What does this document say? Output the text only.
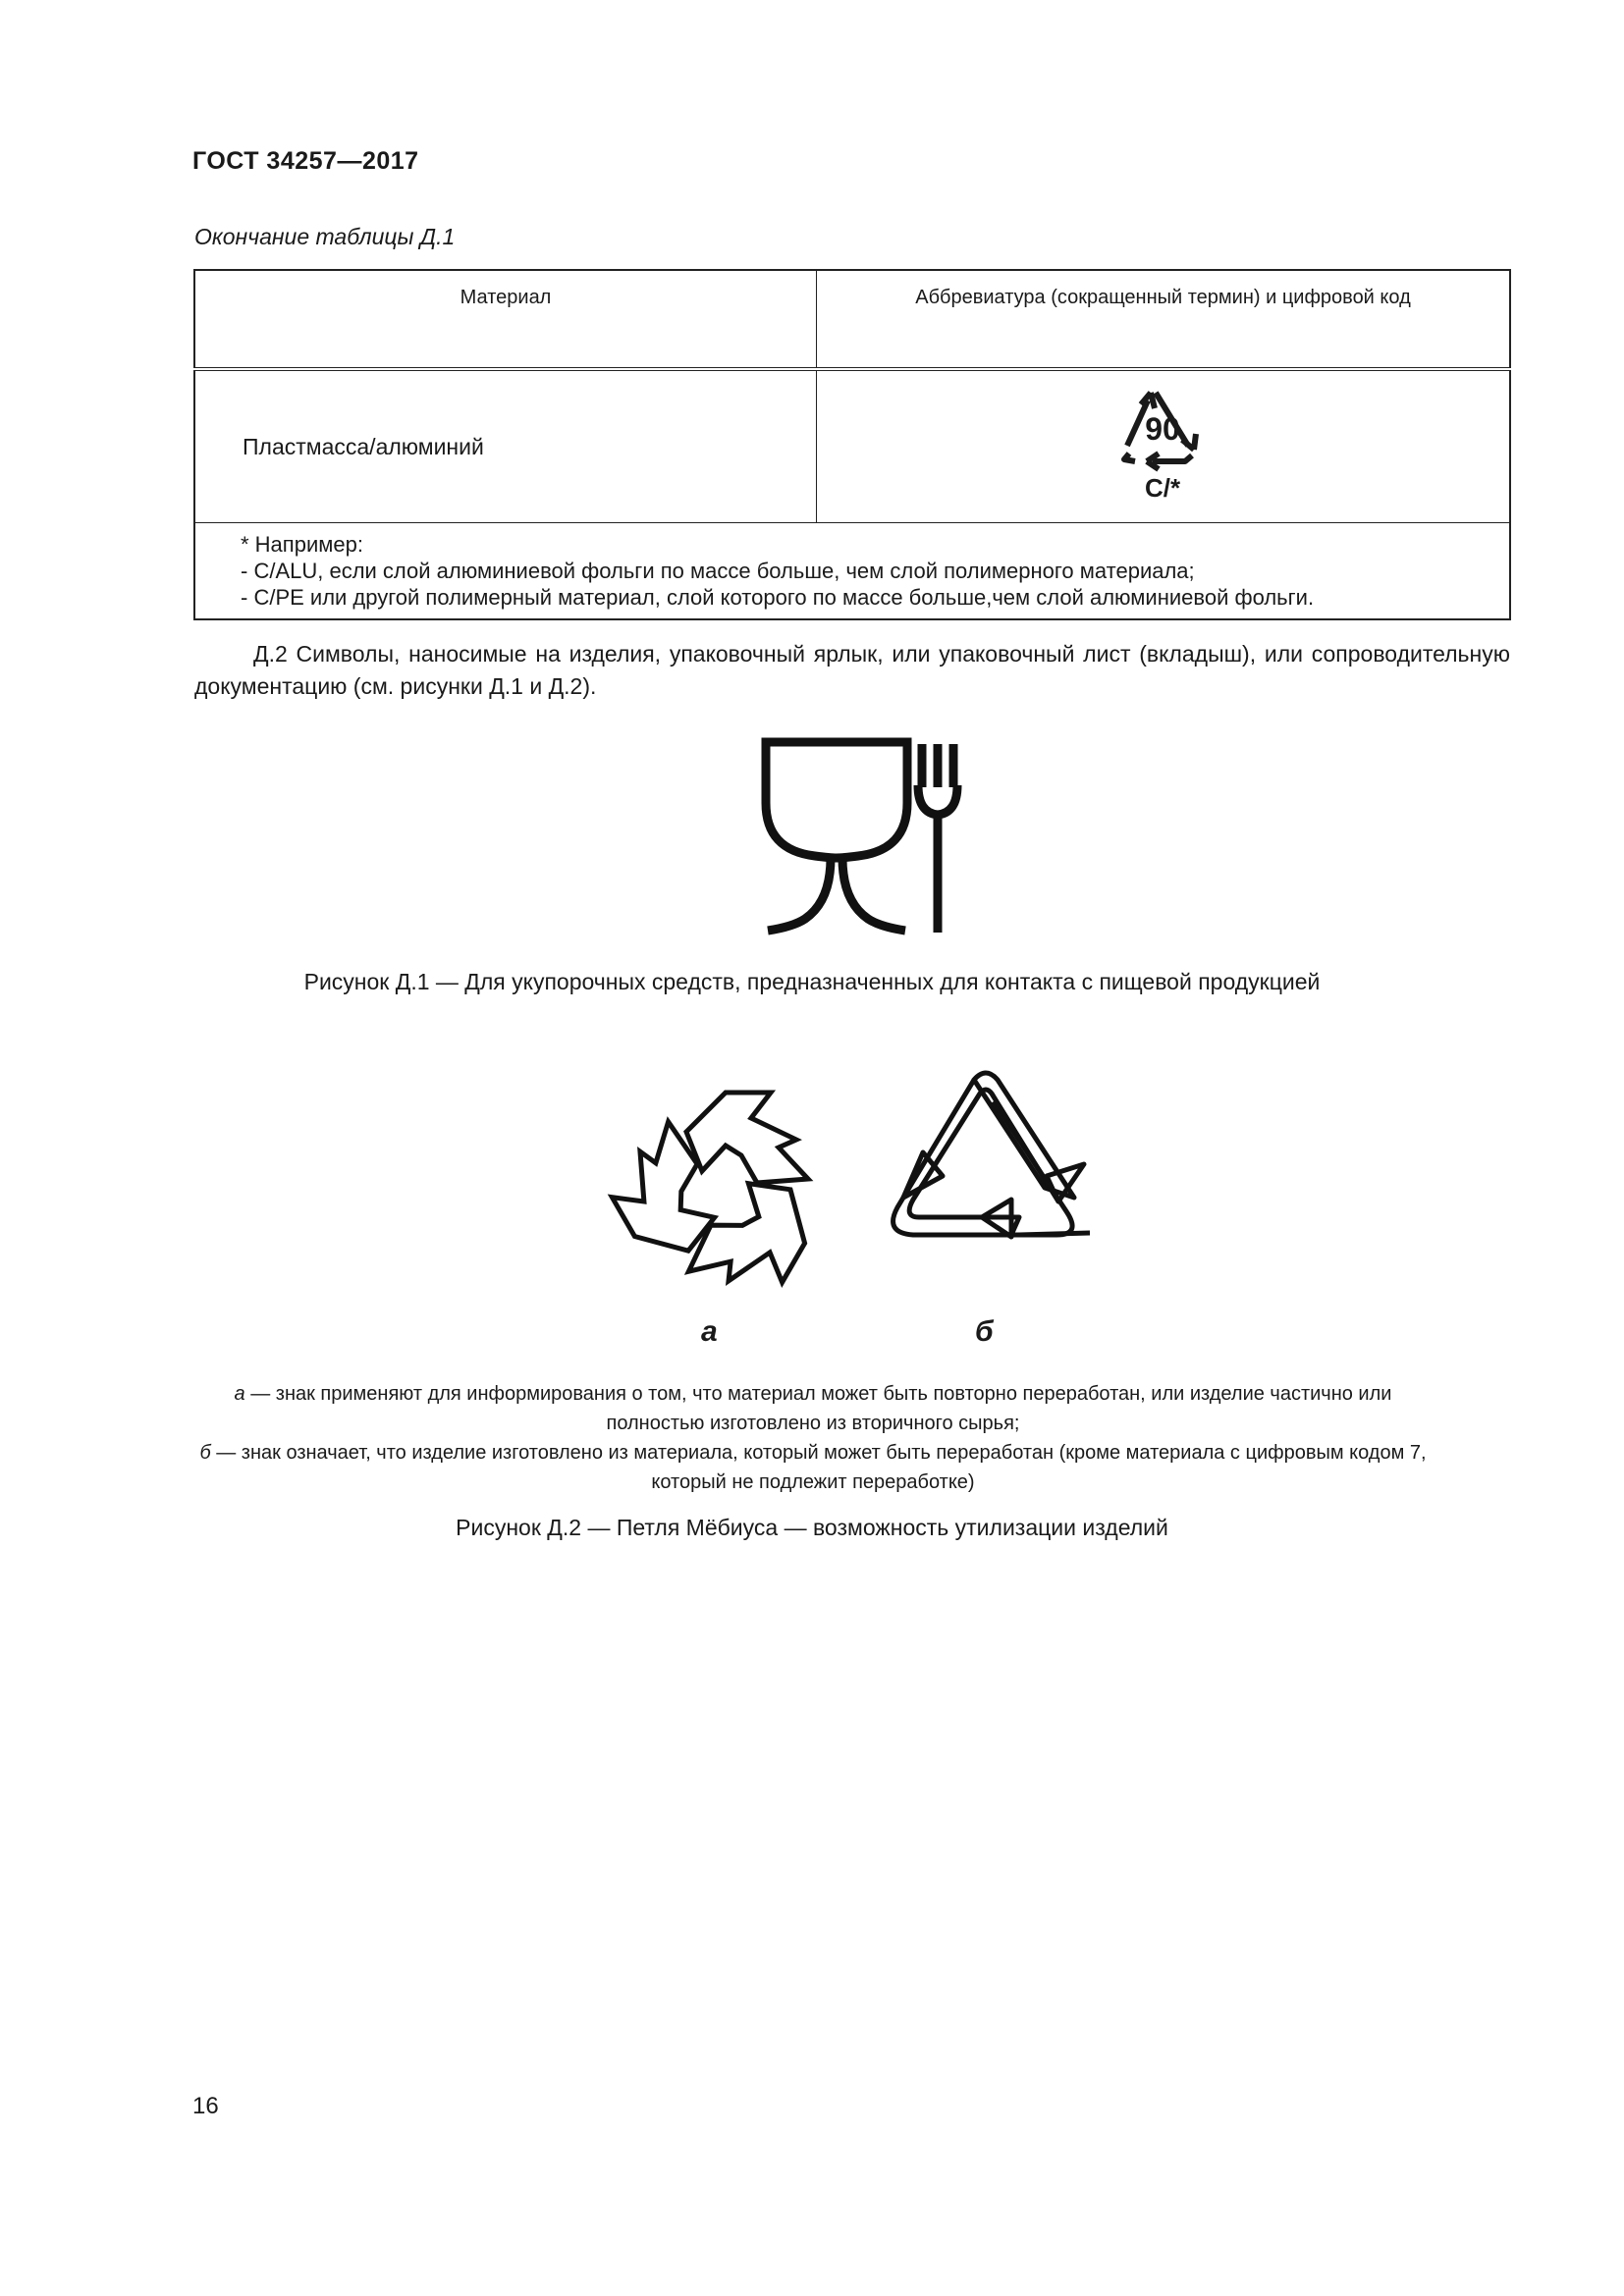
ГОСТ 34257—2017
Окончание таблицы Д.1
Материал	Аббревиатура (сокращенный термин) и цифровой код
Пластмасса/алюминий	90
C/*

* Например:
- C/ALU, если слой алюминиевой фольги по массе больше, чем слой полимерного материала;
- C/PE или другой полимерный материал, слой которого по массе больше,чем слой алюминиевой фольги.	
Д.2 Символы, наносимые на изделия, упаковочный ярлык, или упаковочный лист (вкладыш), или сопроводительную документацию (см. рисунки Д.1 и Д.2).
Рисунок Д.1 — Для укупорочных средств, предназначенных для контакта с пищевой продукцией
а	б
а — знак применяют для информирования о том, что материал может быть повторно переработан, или изделие частично или полностью изготовлено из вторичного сырья;
б — знак означает, что изделие изготовлено из материала, который может быть переработан (кроме материала с цифровым кодом 7, который не подлежит переработке)
Рисунок Д.2 — Петля Мёбиуса — возможность утилизации изделий
16
